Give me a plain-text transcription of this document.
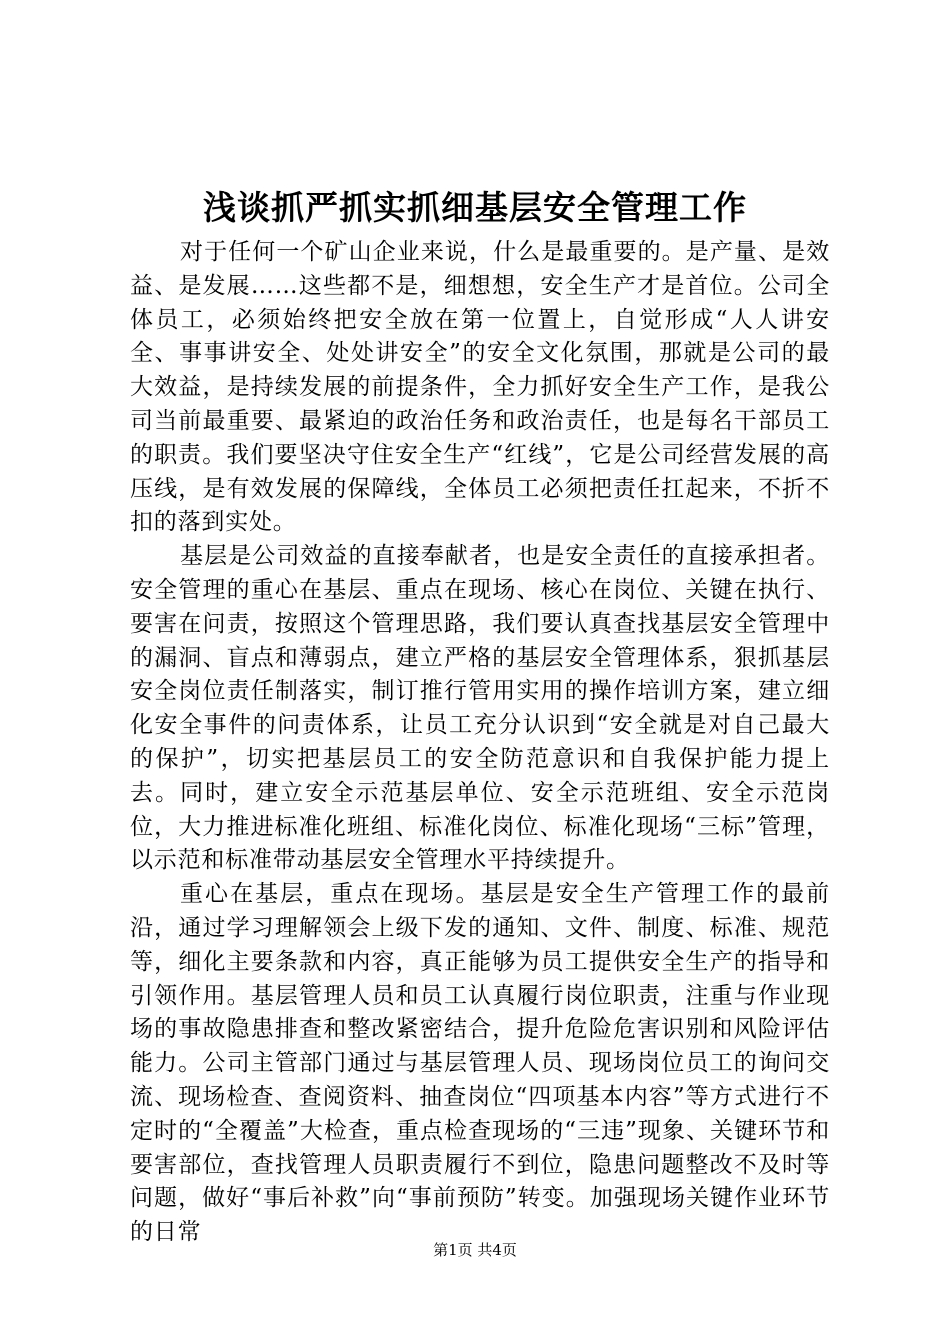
浅谈抓严抓实抓细基层安全管理工作

对于任何一个矿山企业来说，什么是最重要的。是产量、是效益、是发展……这些都不是，细想想，安全生产才是首位。公司全体员工，必须始终把安全放在第一位置上，自觉形成“人人讲安全、事事讲安全、处处讲安全”的安全文化氛围，那就是公司的最大效益，是持续发展的前提条件，全力抓好安全生产工作，是我公司当前最重要、最紧迫的政治任务和政治责任，也是每名干部员工的职责。我们要坚决守住安全生产“红线”，它是公司经营发展的高压线，是有效发展的保障线，全体员工必须把责任扛起来，不折不扣的落到实处。

基层是公司效益的直接奉献者，也是安全责任的直接承担者。安全管理的重心在基层、重点在现场、核心在岗位、关键在执行、要害在问责，按照这个管理思路，我们要认真查找基层安全管理中的漏洞、盲点和薄弱点，建立严格的基层安全管理体系，狠抓基层安全岗位责任制落实，制订推行管用实用的操作培训方案，建立细化安全事件的问责体系，让员工充分认识到“安全就是对自己最大的保护”，切实把基层员工的安全防范意识和自我保护能力提上去。同时，建立安全示范基层单位、安全示范班组、安全示范岗位，大力推进标准化班组、标准化岗位、标准化现场“三标”管理，以示范和标准带动基层安全管理水平持续提升。

重心在基层，重点在现场。基层是安全生产管理工作的最前沿，通过学习理解领会上级下发的通知、文件、制度、标准、规范等，细化主要条款和内容，真正能够为员工提供安全生产的指导和引领作用。基层管理人员和员工认真履行岗位职责，注重与作业现场的事故隐患排查和整改紧密结合，提升危险危害识别和风险评估能力。公司主管部门通过与基层管理人员、现场岗位员工的询问交流、现场检查、查阅资料、抽查岗位“四项基本内容”等方式进行不定时的“全覆盖”大检查，重点检查现场的“三违”现象、关键环节和要害部位，查找管理人员职责履行不到位，隐患问题整改不及时等问题，做好“事后补救”向“事前预防”转变。加强现场关键作业环节的日常

第1页 共4页
